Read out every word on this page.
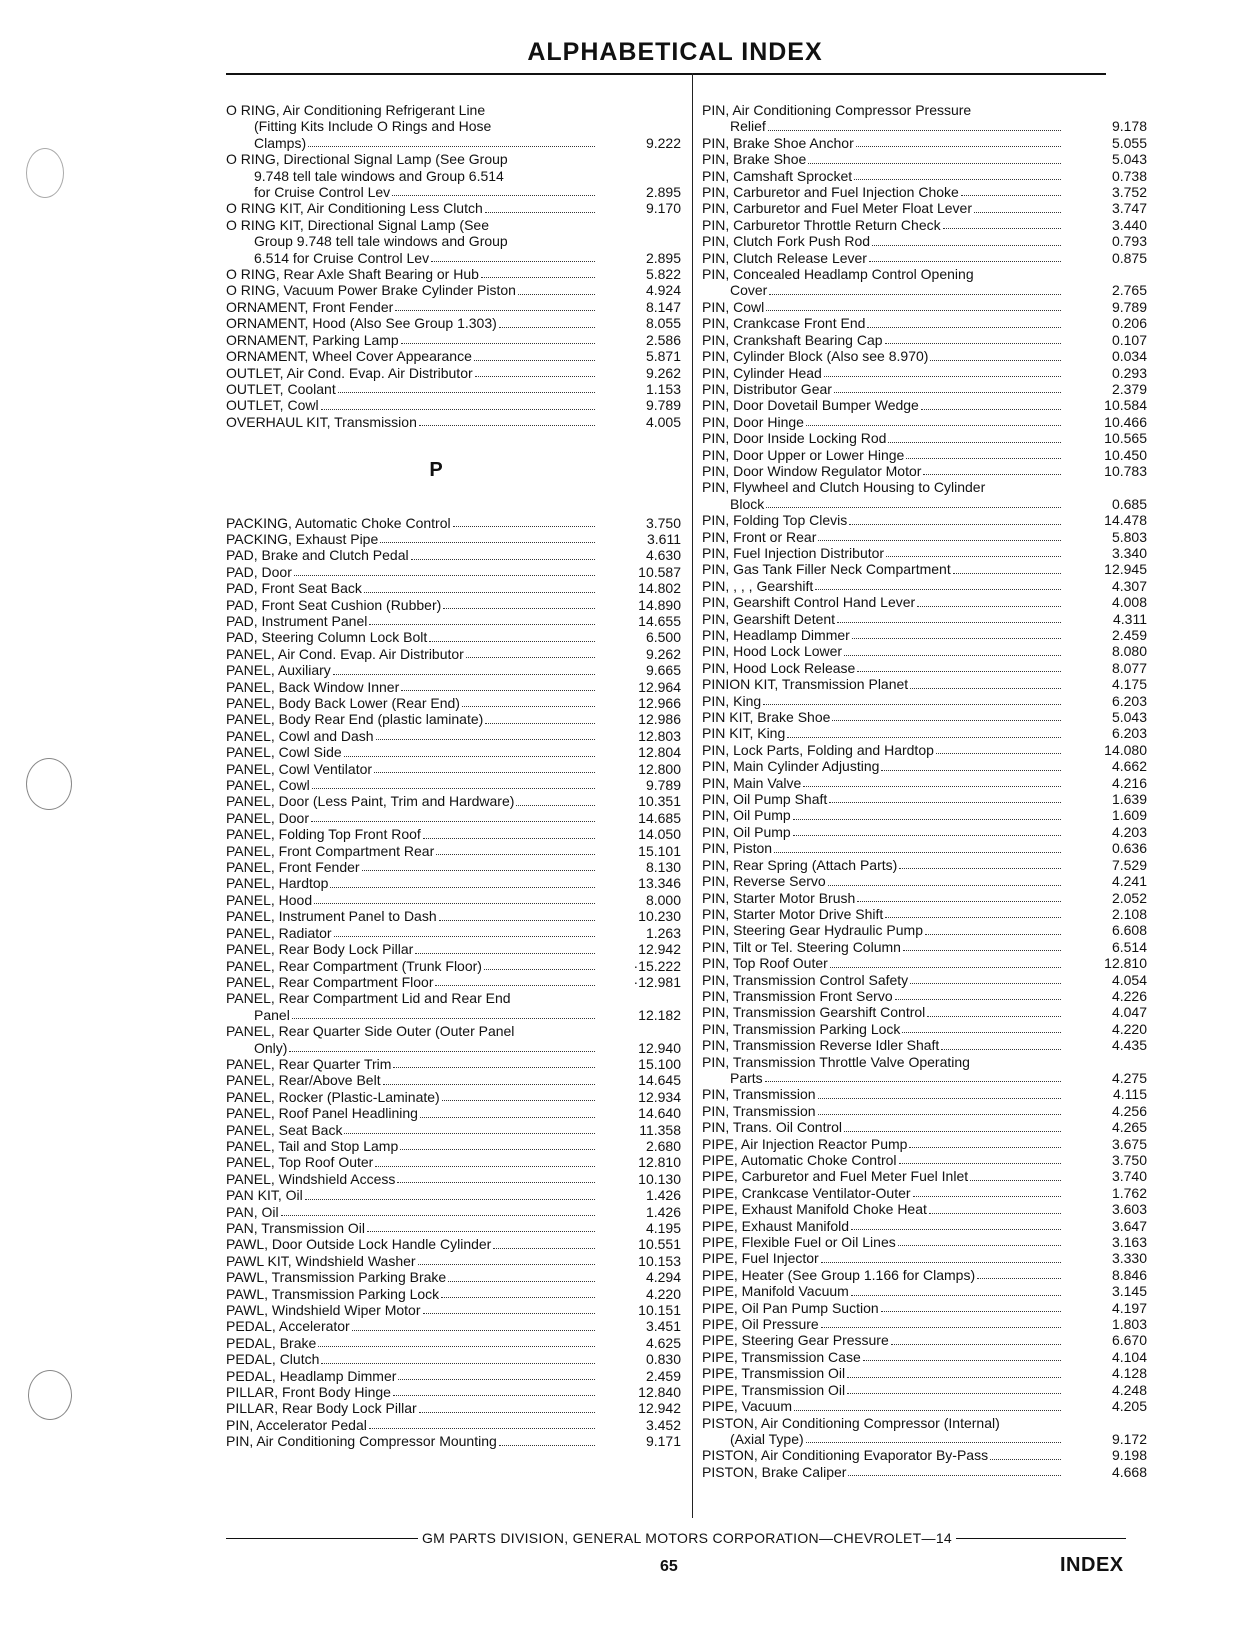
ALPHABETICAL INDEX
O RING, Air Conditioning Refrigerant Line
(Fitting Kits Include O Rings and Hose
Clamps)	9.222
O RING, Directional Signal Lamp (See Group
9.748 tell tale windows and Group 6.514
for Cruise Control Lev	2.895
O RING KIT, Air Conditioning Less Clutch	9.170
O RING KIT, Directional Signal Lamp (See
Group 9.748 tell tale windows and Group
6.514 for Cruise Control Lev	2.895
O RING, Rear Axle Shaft Bearing or Hub	5.822
O RING, Vacuum Power Brake Cylinder Piston	4.924
ORNAMENT, Front Fender	8.147
ORNAMENT, Hood (Also See Group 1.303)	8.055
ORNAMENT, Parking Lamp	2.586
ORNAMENT, Wheel Cover Appearance	5.871
OUTLET, Air Cond. Evap. Air Distributor	9.262
OUTLET, Coolant	1.153
OUTLET, Cowl	9.789
OVERHAUL KIT, Transmission	4.005
P
PACKING, Automatic Choke Control	3.750
PACKING, Exhaust Pipe	3.611
PAD, Brake and Clutch Pedal	4.630
PAD, Door	10.587
PAD, Front Seat Back	14.802
PAD, Front Seat Cushion (Rubber)	14.890
PAD, Instrument Panel	14.655
PAD, Steering Column Lock Bolt	6.500
PANEL, Air Cond. Evap. Air Distributor	9.262
PANEL, Auxiliary	9.665
PANEL, Back Window Inner	12.964
PANEL, Body Back Lower (Rear End)	12.966
PANEL, Body Rear End (plastic laminate)	12.986
PANEL, Cowl and Dash	12.803
PANEL, Cowl Side	12.804
PANEL, Cowl Ventilator	12.800
PANEL, Cowl	9.789
PANEL, Door (Less Paint, Trim and Hardware)	10.351
PANEL, Door	14.685
PANEL, Folding Top Front Roof	14.050
PANEL, Front Compartment Rear	15.101
PANEL, Front Fender	8.130
PANEL, Hardtop	13.346
PANEL, Hood	8.000
PANEL, Instrument Panel to Dash	10.230
PANEL, Radiator	1.263
PANEL, Rear Body Lock Pillar	12.942
PANEL, Rear Compartment (Trunk Floor)	·15.222
PANEL, Rear Compartment Floor	·12.981
PANEL, Rear Compartment Lid and Rear End
Panel	12.182
PANEL, Rear Quarter Side Outer (Outer Panel
Only)	12.940
PANEL, Rear Quarter Trim	15.100
PANEL, Rear/Above Belt	14.645
PANEL, Rocker (Plastic-Laminate)	12.934
PANEL, Roof Panel Headlining	14.640
PANEL, Seat Back	11.358
PANEL, Tail and Stop Lamp	2.680
PANEL, Top Roof Outer	12.810
PANEL, Windshield Access	10.130
PAN KIT, Oil	1.426
PAN, Oil	1.426
PAN, Transmission Oil	4.195
PAWL, Door Outside Lock Handle Cylinder	10.551
PAWL KIT, Windshield Washer	10.153
PAWL, Transmission Parking Brake	4.294
PAWL, Transmission Parking Lock	4.220
PAWL, Windshield Wiper Motor	10.151
PEDAL, Accelerator	3.451
PEDAL, Brake	4.625
PEDAL, Clutch	0.830
PEDAL, Headlamp Dimmer	2.459
PILLAR, Front Body Hinge	12.840
PILLAR, Rear Body Lock Pillar	12.942
PIN, Accelerator Pedal	3.452
PIN, Air Conditioning Compressor Mounting	9.171
PIN, Air Conditioning Compressor Pressure
Relief	9.178
PIN, Brake Shoe Anchor	5.055
PIN, Brake Shoe	5.043
PIN, Camshaft Sprocket	0.738
PIN, Carburetor and Fuel Injection Choke	3.752
PIN, Carburetor and Fuel Meter Float Lever	3.747
PIN, Carburetor Throttle Return Check	3.440
PIN, Clutch Fork Push Rod	0.793
PIN, Clutch Release Lever	0.875
PIN, Concealed Headlamp Control Opening
Cover	2.765
PIN, Cowl	9.789
PIN, Crankcase Front End	0.206
PIN, Crankshaft Bearing Cap	0.107
PIN, Cylinder Block (Also see 8.970)	0.034
PIN, Cylinder Head	0.293
PIN, Distributor Gear	2.379
PIN, Door Dovetail Bumper Wedge	10.584
PIN, Door Hinge	10.466
PIN, Door Inside Locking Rod	10.565
PIN, Door Upper or Lower Hinge	10.450
PIN, Door Window Regulator Motor	10.783
PIN, Flywheel and Clutch Housing to Cylinder
Block	0.685
PIN, Folding Top Clevis	14.478
PIN, Front or Rear	5.803
PIN, Fuel Injection Distributor	3.340
PIN, Gas Tank Filler Neck Compartment	12.945
PIN, , , , Gearshift	4.307
PIN, Gearshift Control Hand Lever	4.008
PIN, Gearshift Detent	4.311
PIN, Headlamp Dimmer	2.459
PIN, Hood Lock Lower	8.080
PIN, Hood Lock Release	8.077
PINION KIT, Transmission Planet	4.175
PIN, King	6.203
PIN KIT, Brake Shoe	5.043
PIN KIT, King	6.203
PIN, Lock Parts, Folding and Hardtop	14.080
PIN, Main Cylinder Adjusting	4.662
PIN, Main Valve	4.216
PIN, Oil Pump Shaft	1.639
PIN, Oil Pump	1.609
PIN, Oil Pump	4.203
PIN, Piston	0.636
PIN, Rear Spring (Attach Parts)	7.529
PIN, Reverse Servo	4.241
PIN, Starter Motor Brush	2.052
PIN, Starter Motor Drive Shift	2.108
PIN, Steering Gear Hydraulic Pump	6.608
PIN, Tilt or Tel. Steering Column	6.514
PIN, Top Roof Outer	12.810
PIN, Transmission Control Safety	4.054
PIN, Transmission Front Servo	4.226
PIN, Transmission Gearshift Control	4.047
PIN, Transmission Parking Lock	4.220
PIN, Transmission Reverse Idler Shaft	4.435
PIN, Transmission Throttle Valve Operating
Parts	4.275
PIN, Transmission	4.115
PIN, Transmission	4.256
PIN, Trans. Oil Control	4.265
PIPE, Air Injection Reactor Pump	3.675
PIPE, Automatic Choke Control	3.750
PIPE, Carburetor and Fuel Meter Fuel Inlet	3.740
PIPE, Crankcase Ventilator-Outer	1.762
PIPE, Exhaust Manifold Choke Heat	3.603
PIPE, Exhaust Manifold	3.647
PIPE, Flexible Fuel or Oil Lines	3.163
PIPE, Fuel Injector	3.330
PIPE, Heater (See Group 1.166 for Clamps)	8.846
PIPE, Manifold Vacuum	3.145
PIPE, Oil Pan Pump Suction	4.197
PIPE, Oil Pressure	1.803
PIPE, Steering Gear Pressure	6.670
PIPE, Transmission Case	4.104
PIPE, Transmission Oil	4.128
PIPE, Transmission Oil	4.248
PIPE, Vacuum	4.205
PISTON, Air Conditioning Compressor (Internal)
(Axial Type)	9.172
PISTON, Air Conditioning Evaporator By-Pass	9.198
PISTON, Brake Caliper	4.668
GM PARTS DIVISION, GENERAL MOTORS CORPORATION—CHEVROLET—14
65	INDEX
